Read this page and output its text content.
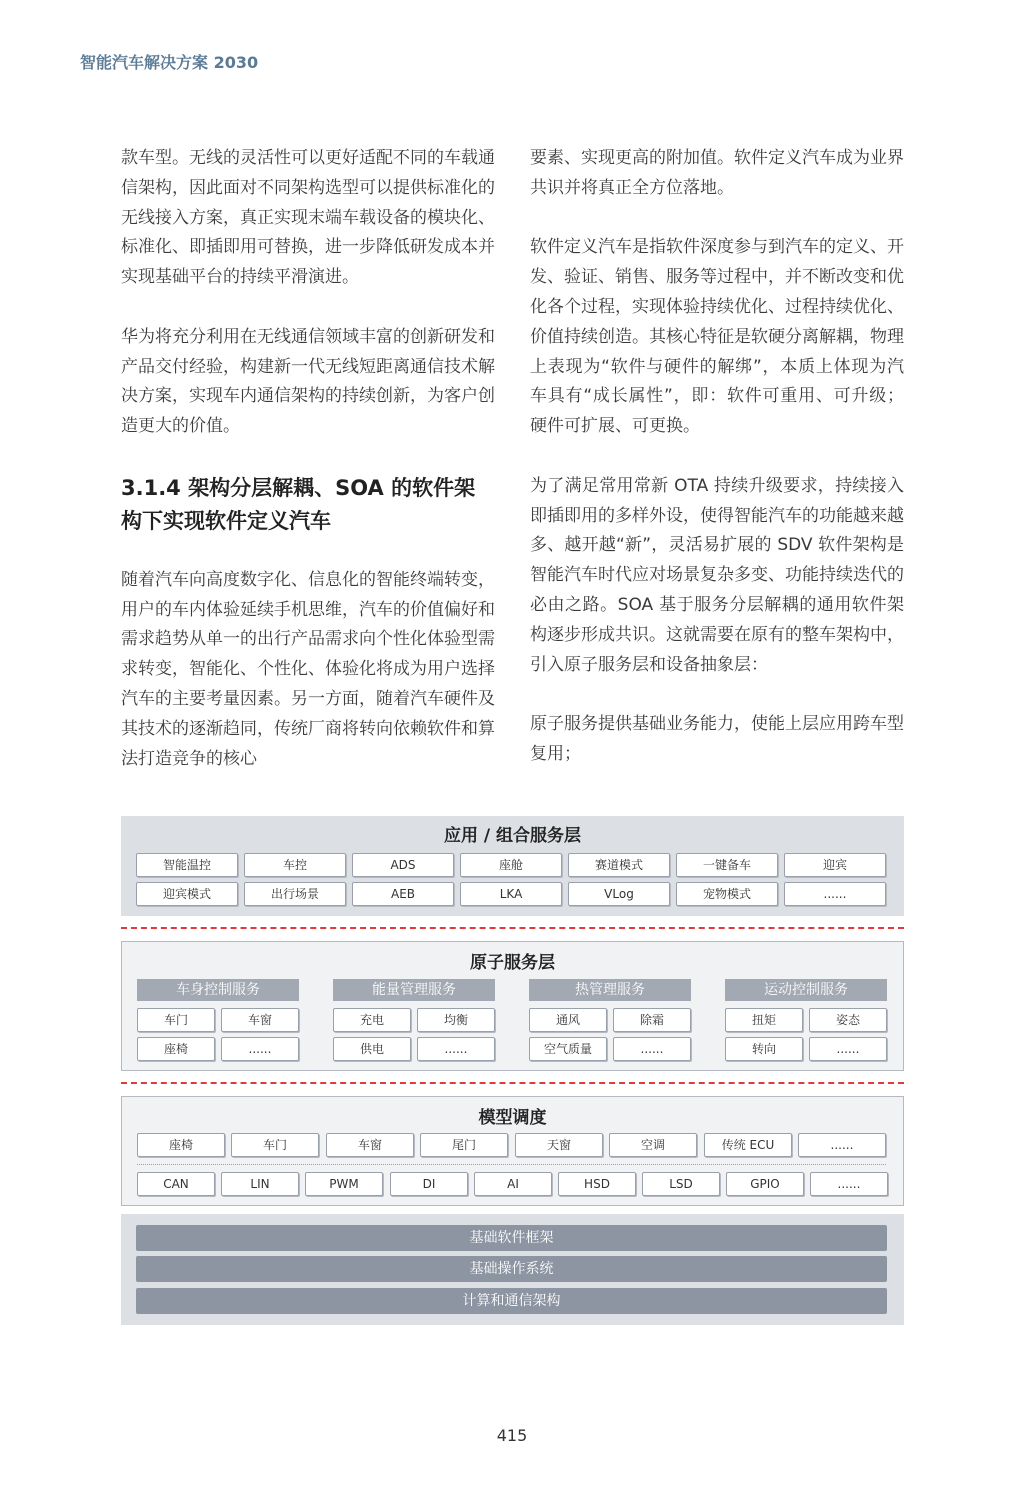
智能汽车解决方案 2030

款车型。无线的灵活性可以更好适配不同的车载通信架构，因此面对不同架构选型可以提供标准化的无线接入方案，真正实现末端车载设备的模块化、标准化、即插即用可替换，进一步降低研发成本并实现基础平台的持续平滑演进。

华为将充分利用在无线通信领域丰富的创新研发和产品交付经验，构建新一代无线短距离通信技术解决方案，实现车内通信架构的持续创新，为客户创造更大的价值。

3.1.4 架构分层解耦、SOA 的软件架构下实现软件定义汽车

随着汽车向高度数字化、信息化的智能终端转变，用户的车内体验延续手机思维，汽车的价值偏好和需求趋势从单一的出行产品需求向个性化体验型需求转变，智能化、个性化、体验化将成为用户选择汽车的主要考量因素。另一方面，随着汽车硬件及其技术的逐渐趋同，传统厂商将转向依赖软件和算法打造竞争的核心

要素、实现更高的附加值。软件定义汽车成为业界共识并将真正全方位落地。

软件定义汽车是指软件深度参与到汽车的定义、开发、验证、销售、服务等过程中，并不断改变和优化各个过程，实现体验持续优化、过程持续优化、价值持续创造。其核心特征是软硬分离解耦，物理上表现为“软件与硬件的解绑”，本质上体现为汽车具有“成长属性”，即：软件可重用、可升级；硬件可扩展、可更换。

为了满足常用常新 OTA 持续升级要求，持续接入即插即用的多样外设，使得智能汽车的功能越来越多、越开越“新”，灵活易扩展的 SDV 软件架构是智能汽车时代应对场景复杂多变、功能持续迭代的必由之路。SOA 基于服务分层解耦的通用软件架构逐步形成共识。这就需要在原有的整车架构中，引入原子服务层和设备抽象层：

原子服务提供基础业务能力，使能上层应用跨车型复用；

应用 / 组合服务层
智能温控	车控	ADS	座舱	赛道模式	一键备车	迎宾
迎宾模式	出行场景	AEB	LKA	VLog	宠物模式	......
原子服务层
车身控制服务
车门	车窗
座椅	......
能量管理服务
充电	均衡
供电	......
热管理服务
通风	除霜
空气质量	......
运动控制服务
扭矩	姿态
转向	......
模型调度
座椅	车门	车窗	尾门	天窗	空调	传统 ECU	......
CAN	LIN	PWM	DI	AI	HSD	LSD	GPIO	......
基础软件框架
基础操作系统
计算和通信架构
415
